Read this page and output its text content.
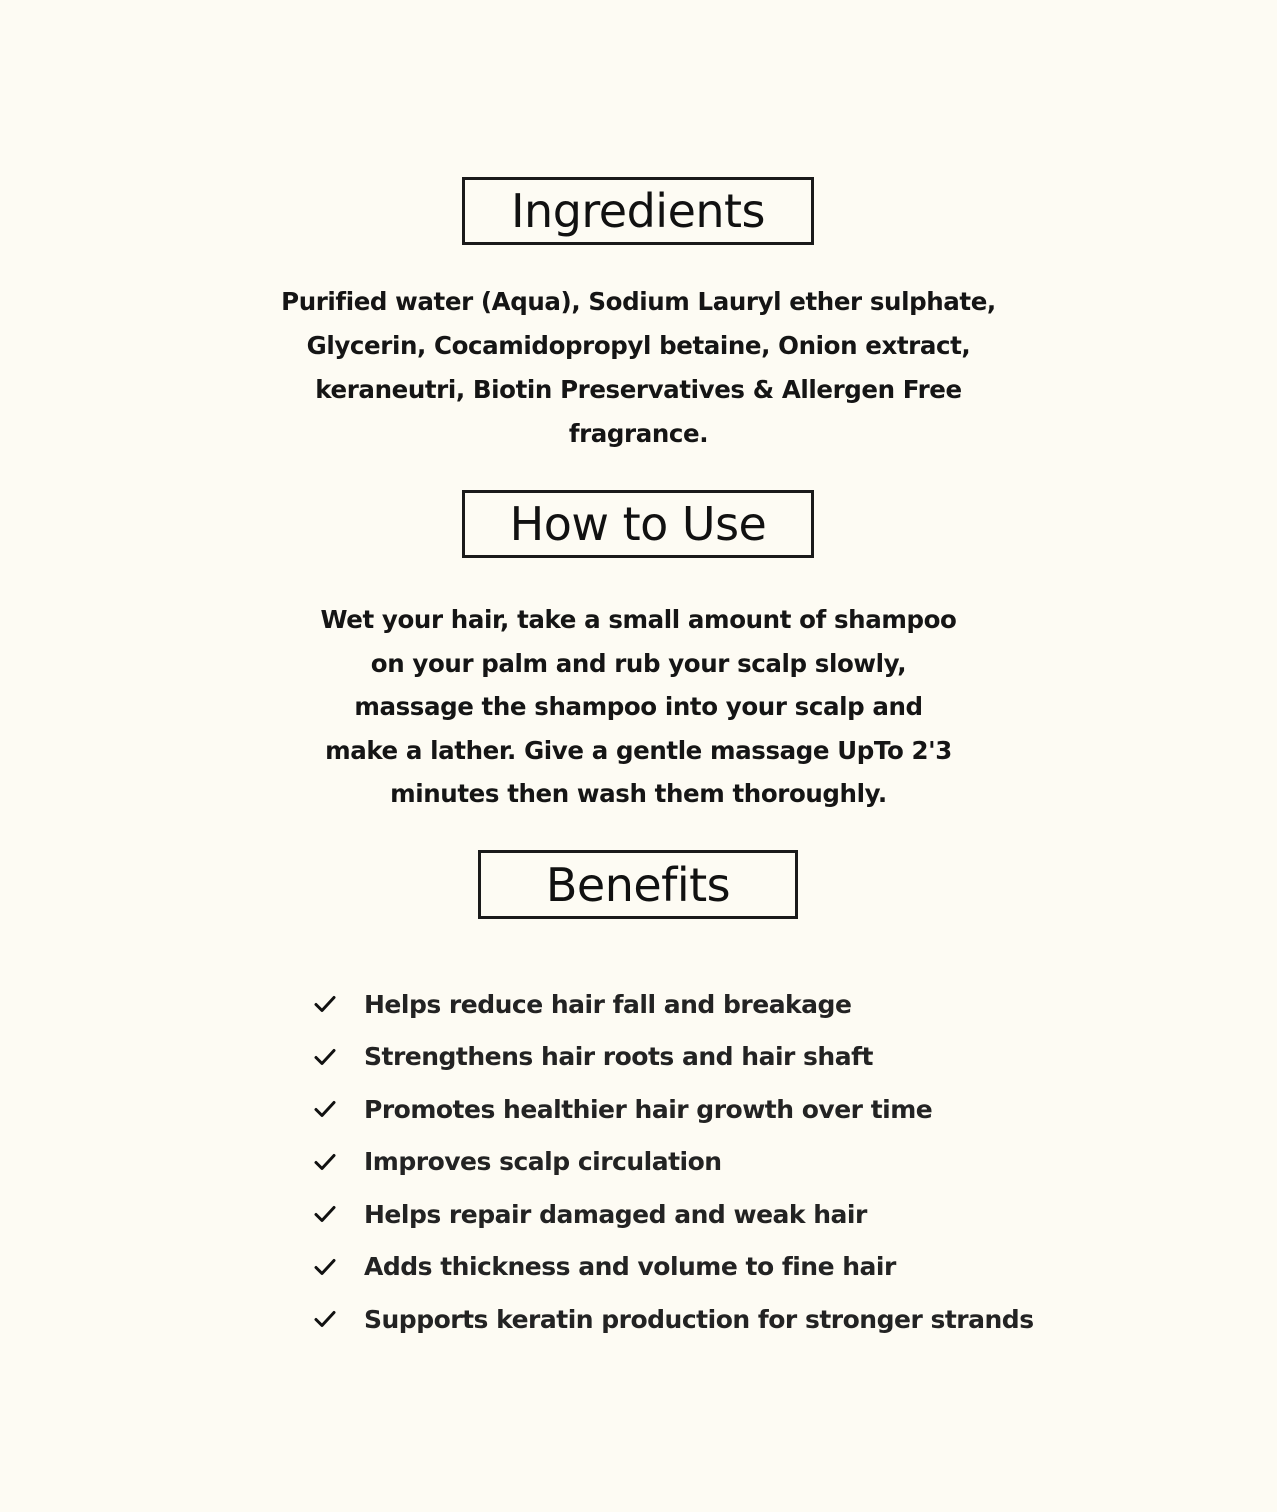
Ingredients
Purified water (Aqua), Sodium Lauryl ether sulphate,
Glycerin, Cocamidopropyl betaine, Onion extract,
keraneutri, Biotin Preservatives & Allergen Free
fragrance.
How to Use
Wet your hair, take a small amount of shampoo
on your palm and rub your scalp slowly,
massage the shampoo into your scalp and
make a lather. Give a gentle massage UpTo 2'3
minutes then wash them thoroughly.
Benefits
Helps reduce hair fall and breakage
Strengthens hair roots and hair shaft
Promotes healthier hair growth over time
Improves scalp circulation
Helps repair damaged and weak hair
Adds thickness and volume to fine hair
Supports keratin production for stronger strands
